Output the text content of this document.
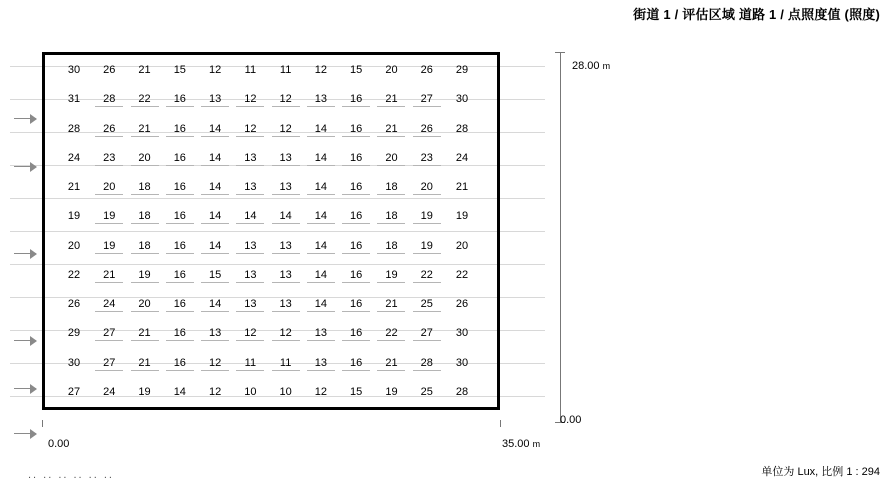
街道 1 / 评估区域 道路 1 / 点照度值 (照度)
30	26	21	15	12	11	11	12	15	20	26	29
31	28	22	16	13	12	12	13	16	21	27	30
28	26	21	16	14	12	12	14	16	21	26	28
24	23	20	16	14	13	13	14	16	20	23	24
21	20	18	16	14	13	13	14	16	18	20	21
19	19	18	16	14	14	14	14	16	18	19	19
20	19	18	16	14	13	13	14	16	18	19	20
22	21	19	16	15	13	13	14	16	19	22	22
26	24	20	16	14	13	13	14	16	21	25	26
29	27	21	16	13	12	12	13	16	22	27	30
30	27	21	16	12	11	11	13	16	21	28	30
27	24	19	14	12	10	10	12	15	19	25	28
28.00 m
0.00
0.00	35.00 m
.. .. .. .. .. ..	单位为 Lux, 比例 1 : 294
